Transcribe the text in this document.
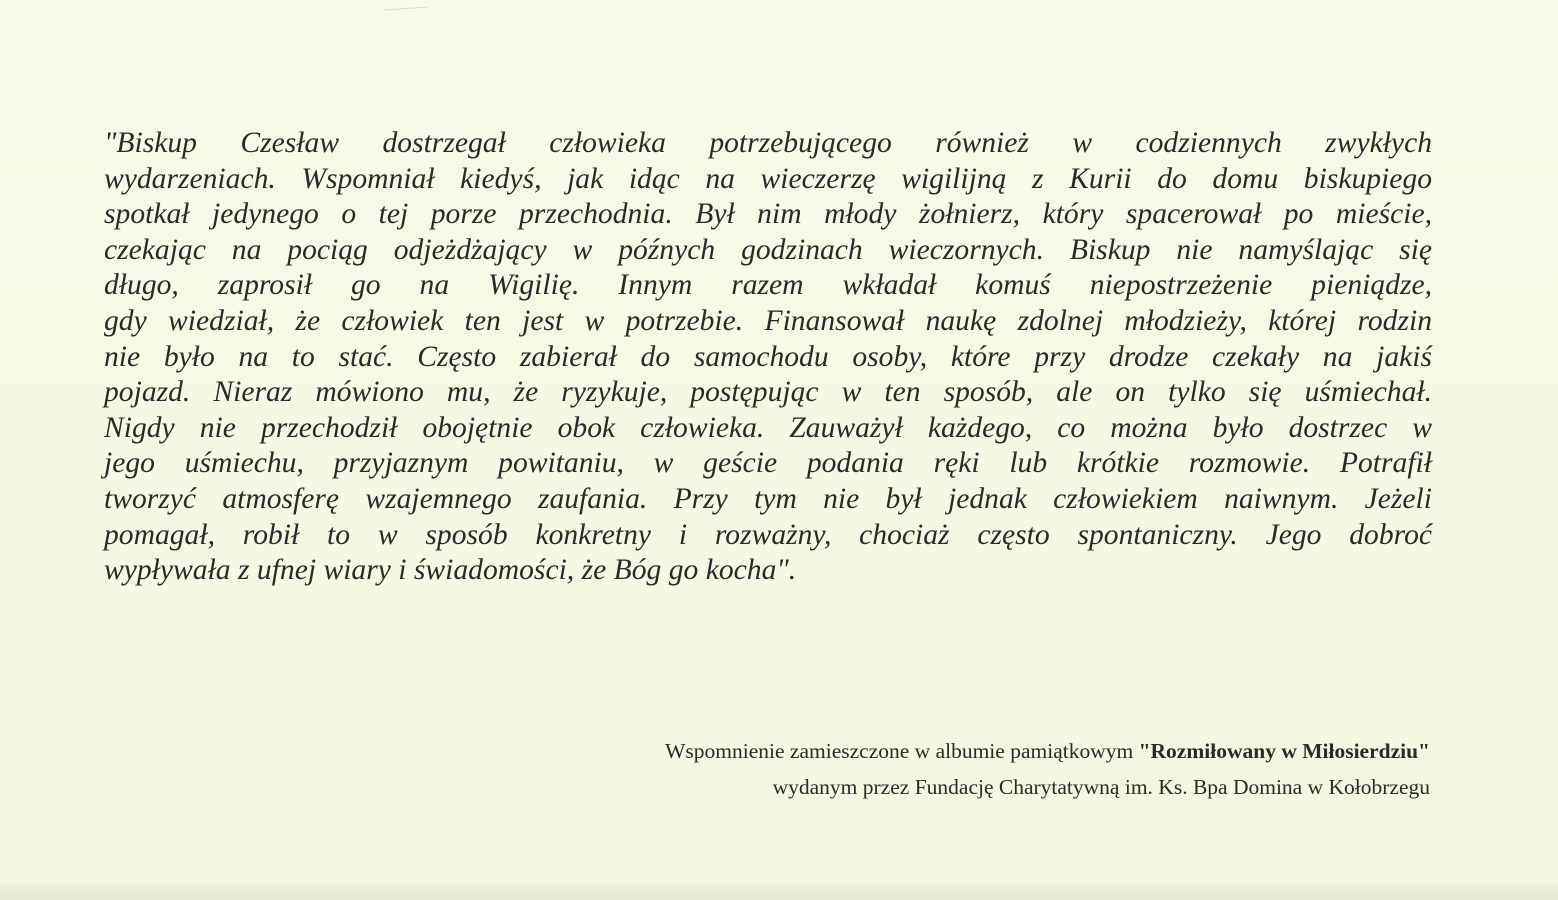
"Biskup Czesław dostrzegał człowieka potrzebującego również w codziennych zwykłych
wydarzeniach. Wspomniał kiedyś, jak idąc na wieczerzę wigilijną z Kurii do domu biskupiego
spotkał jedynego o tej porze przechodnia. Był nim młody żołnierz, który spacerował po mieście,
czekając na pociąg odjeżdżający w późnych godzinach wieczornych. Biskup nie namyślając się
długo, zaprosił go na Wigilię. Innym razem wkładał komuś niepostrzeżenie pieniądze,
gdy wiedział, że człowiek ten jest w potrzebie. Finansował naukę zdolnej młodzieży, której rodzin
nie było na to stać. Często zabierał do samochodu osoby, które przy drodze czekały na jakiś
pojazd. Nieraz mówiono mu, że ryzykuje, postępując w ten sposób, ale on tylko się uśmiechał.
Nigdy nie przechodził obojętnie obok człowieka. Zauważył każdego, co można było dostrzec w
jego uśmiechu, przyjaznym powitaniu, w geście podania ręki lub krótkie rozmowie. Potrafił
tworzyć atmosferę wzajemnego zaufania. Przy tym nie był jednak człowiekiem naiwnym. Jeżeli
pomagał, robił to w sposób konkretny i rozważny, chociaż często spontaniczny. Jego dobroć
wypływała z ufnej wiary i świadomości, że Bóg go kocha".
Wspomnienie zamieszczone w albumie pamiątkowym "Rozmiłowany w Miłosierdziu"
wydanym przez Fundację Charytatywną im. Ks. Bpa Domina w Kołobrzegu
